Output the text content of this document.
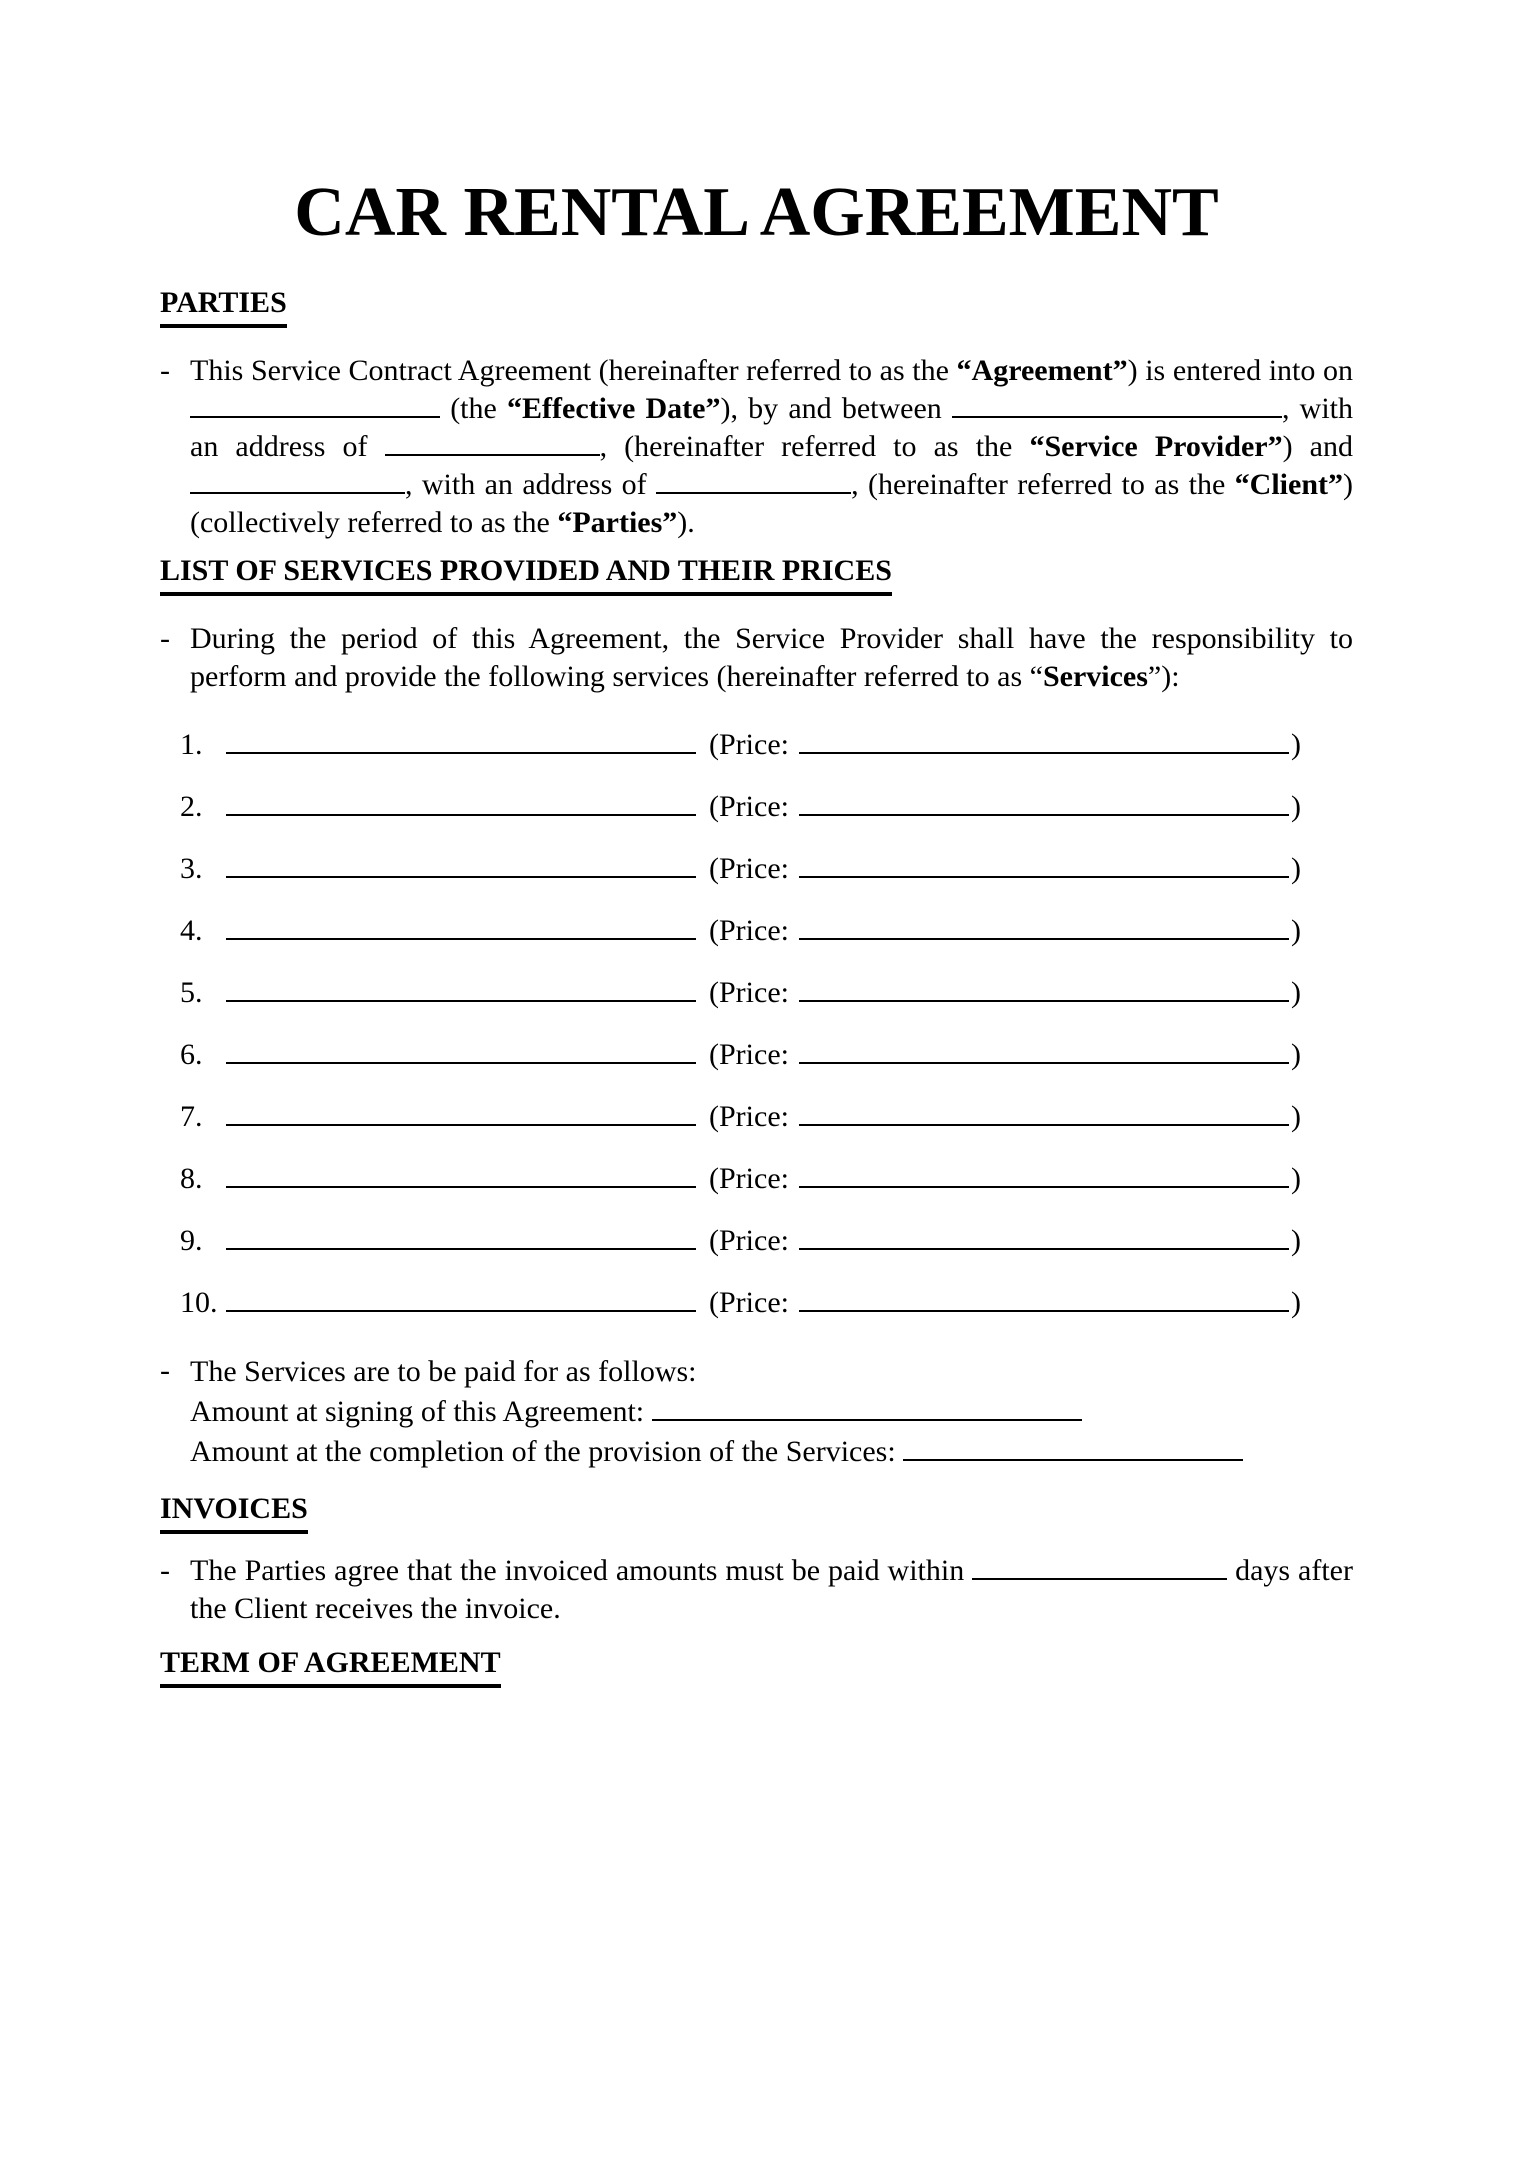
CAR RENTAL AGREEMENT
PARTIES
- This Service Contract Agreement (hereinafter referred to as the “Agreement”) is entered into on  (the “Effective Date”), by and between	, with an address of	, (hereinafter referred to as the “Service Provider”) and , with an address of	, (hereinafter referred to as the “Client”) (collectively referred to as the “Parties”).
LIST OF SERVICES PROVIDED AND THEIR PRICES
- During the period of this Agreement, the Service Provider shall have the responsibility to perform and provide the following services (hereinafter referred to as “Services”):
1.	(Price:	)
2.	(Price:	)
3.	(Price:	)
4.	(Price:	)
5.	(Price:	)
6.	(Price:	)
7.	(Price:	)
8.	(Price:	)
9.	(Price:	)
10.	(Price:	)
- The Services are to be paid for as follows:
Amount at signing of this Agreement:
Amount at the completion of the provision of the Services:
INVOICES
- The Parties agree that the invoiced amounts must be paid within	days after the Client receives the invoice.
TERM OF AGREEMENT
